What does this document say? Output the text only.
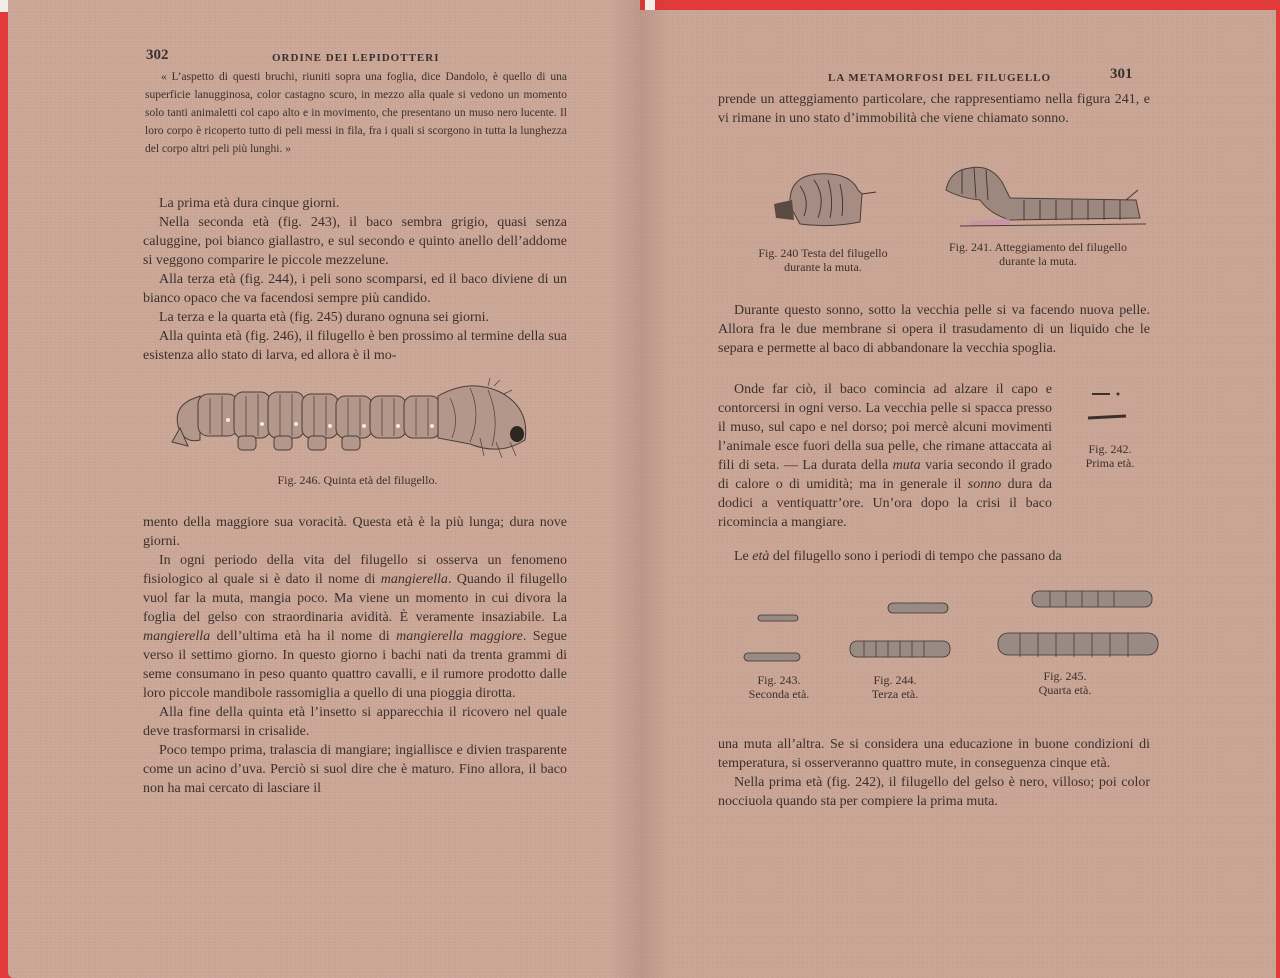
302	ORDINE DEI LEPIDOTTERI

« L’aspetto di questi bruchi, riuniti sopra una foglia, dice Dandolo, è quello di una superficie lanugginosa, color castagno scuro, in mezzo alla quale si vedono un momento solo tanti animaletti col capo alto e in movimento, che presentano un muso nero lucente. Il loro corpo è ricoperto tutto di peli messi in fila, fra i quali si scorgono in tutta la lunghezza del corpo altri peli più lunghi. »

La prima età dura cinque giorni.

Nella seconda età (fig. 243), il baco sembra grigio, quasi senza caluggine, poi bianco giallastro, e sul secondo e quinto anello dell’addome si veggono comparire le piccole mezzelune.

Alla terza età (fig. 244), i peli sono scomparsi, ed il baco diviene di un bianco opaco che va facendosi sempre più candido.

La terza e la quarta età (fig. 245) durano ognuna sei giorni.

Alla quinta età (fig. 246), il filugello è ben prossimo al termine della sua esistenza allo stato di larva, ed allora è il mo-

Fig. 246. Quinta età del filugello.

mento della maggiore sua voracità. Questa età è la più lunga; dura nove giorni.

In ogni periodo della vita del filugello si osserva un fenomeno fisiologico al quale si è dato il nome di mangierella. Quando il filugello vuol far la muta, mangia poco. Ma viene un momento in cui divora la foglia del gelso con straordinaria avidità. È veramente insaziabile. La mangierella dell’ultima età ha il nome di mangierella maggiore. Segue verso il settimo giorno. In questo giorno i bachi nati da trenta grammi di seme consumano in peso quanto quattro cavalli, e il rumore prodotto dalle loro piccole mandibole rassomiglia a quello di una pioggia dirotta.

Alla fine della quinta età l’insetto si apparecchia il ricovero nel quale deve trasformarsi in crisalide.

Poco tempo prima, tralascia di mangiare; ingiallisce e divien trasparente come un acino d’uva. Perciò si suol dire che è maturo. Fino allora, il baco non ha mai cercato di lasciare il

LA METAMORFOSI DEL FILUGELLO	301

prende un atteggiamento particolare, che rappresentiamo nella figura 241, e vi rimane in uno stato d’immobilità che viene chiamato sonno.

Fig. 240 Testa del filugello
durante la muta.
Fig. 241. Atteggiamento del filugello
durante la muta.

Durante questo sonno, sotto la vecchia pelle si va facendo nuova pelle. Allora fra le due membrane si opera il trasudamento di un liquido che le separa e permette al baco di abbandonare la vecchia spoglia.

Onde far ciò, il baco comincia ad alzare il capo e contorcersi in ogni verso. La vecchia pelle si spacca presso il muso, sul capo e nel dorso; poi mercè alcuni movimenti l’animale esce fuori della sua pelle, che rimane attaccata ai fili di seta. — La durata della muta varia secondo il grado di calore o di umidità; ma in generale il sonno dura da dodici a ventiquattr’ore. Un’ora dopo la crisi il baco ricomincia a mangiare.

Fig. 242.
Prima età.

Le età del filugello sono i periodi di tempo che passano da

Fig. 243.
Seconda età.
Fig. 244.
Terza età.
Fig. 245.
Quarta età.

una muta all’altra. Se si considera una educazione in buone condizioni di temperatura, si osserveranno quattro mute, in conseguenza cinque età.

Nella prima età (fig. 242), il filugello del gelso è nero, villoso; poi color nocciuola quando sta per compiere la prima muta.
